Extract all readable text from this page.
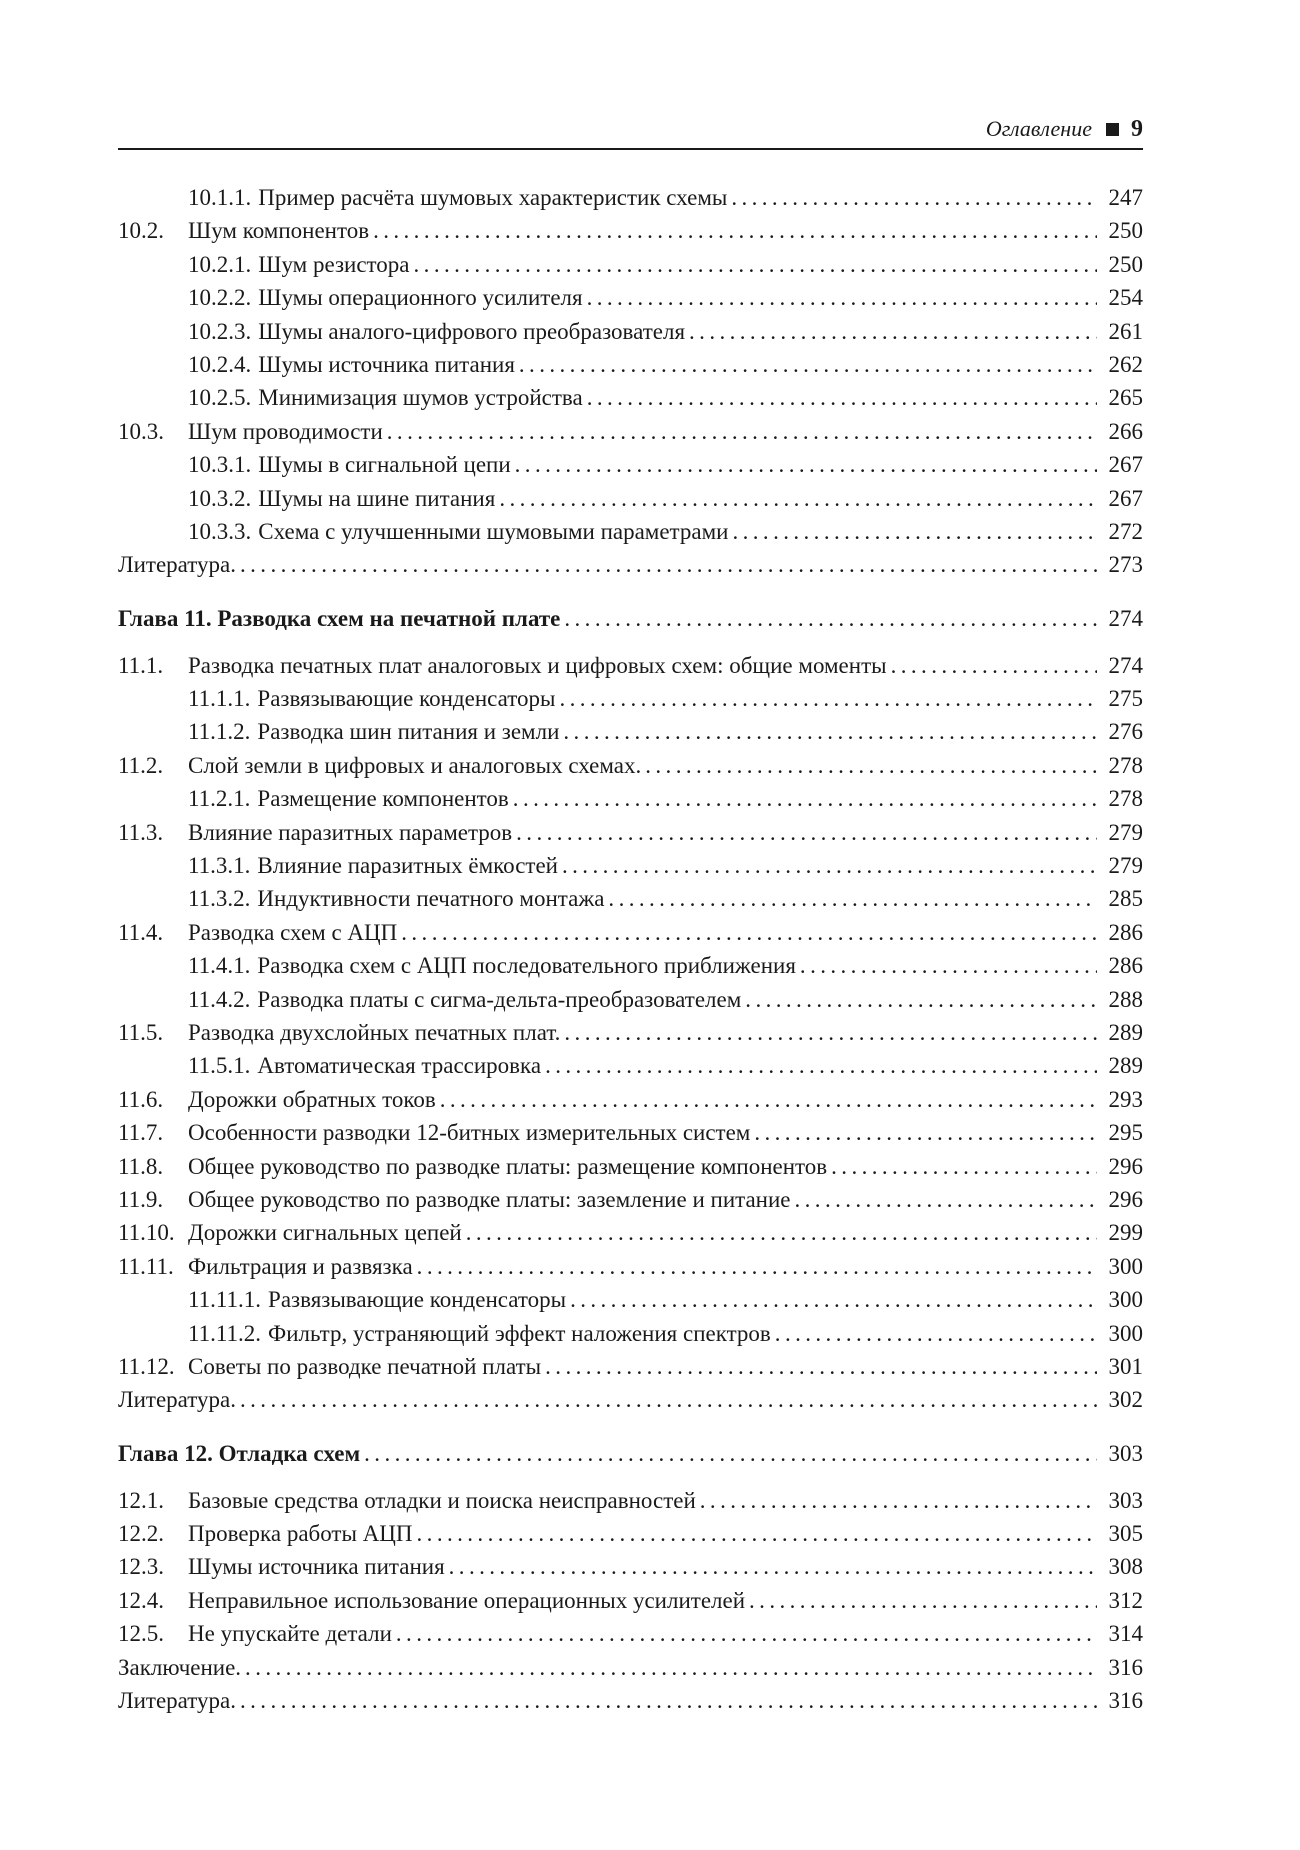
Оглавление 9
10.1.1. Пример расчёта шумовых характеристик схемы .....	247
10.2.	Шум компонентов .....	250
10.2.1. Шум резистора .....	250
10.2.2. Шумы операционного усилителя .....	254
10.2.3. Шумы аналого-цифрового преобразователя .....	261
10.2.4. Шумы источника питания .....	262
10.2.5. Минимизация шумов устройства .....	265
10.3.	Шум проводимости .....	266
10.3.1. Шумы в сигнальной цепи .....	267
10.3.2. Шумы на шине питания .....	267
10.3.3. Схема с улучшенными шумовыми параметрами .....	272
Литература. .....	273
Глава 11. Разводка схем на печатной плате .....	274
11.1.	Разводка печатных плат аналоговых и цифровых схем: общие моменты .....	274
11.1.1. Развязывающие конденсаторы .....	275
11.1.2. Разводка шин питания и земли .....	276
11.2.	Слой земли в цифровых и аналоговых схемах. .....	278
11.2.1. Размещение компонентов .....	278
11.3.	Влияние паразитных параметров .....	279
11.3.1. Влияние паразитных ёмкостей .....	279
11.3.2. Индуктивности печатного монтажа .....	285
11.4.	Разводка схем с АЦП .....	286
11.4.1. Разводка схем с АЦП последовательного приближения .....	286
11.4.2. Разводка платы с сигма-дельта-преобразователем .....	288
11.5.	Разводка двухслойных печатных плат. .....	289
11.5.1. Автоматическая трассировка .....	289
11.6.	Дорожки обратных токов .....	293
11.7.	Особенности разводки 12-битных измерительных систем .....	295
11.8.	Общее руководство по разводке платы: размещение компонентов .....	296
11.9.	Общее руководство по разводке платы: заземление и питание .....	296
11.10. Дорожки сигнальных цепей .....	299
11.11. Фильтрация и развязка .....	300
11.11.1. Развязывающие конденсаторы .....	300
11.11.2. Фильтр, устраняющий эффект наложения спектров .....	300
11.12. Советы по разводке печатной платы .....	301
Литература. .....	302
Глава 12. Отладка схем .....	303
12.1.	Базовые средства отладки и поиска неисправностей .....	303
12.2.	Проверка работы АЦП .....	305
12.3.	Шумы источника питания .....	308
12.4.	Неправильное использование операционных усилителей .....	312
12.5.	Не упускайте детали .....	314
Заключение. .....	316
Литература. .....	316
